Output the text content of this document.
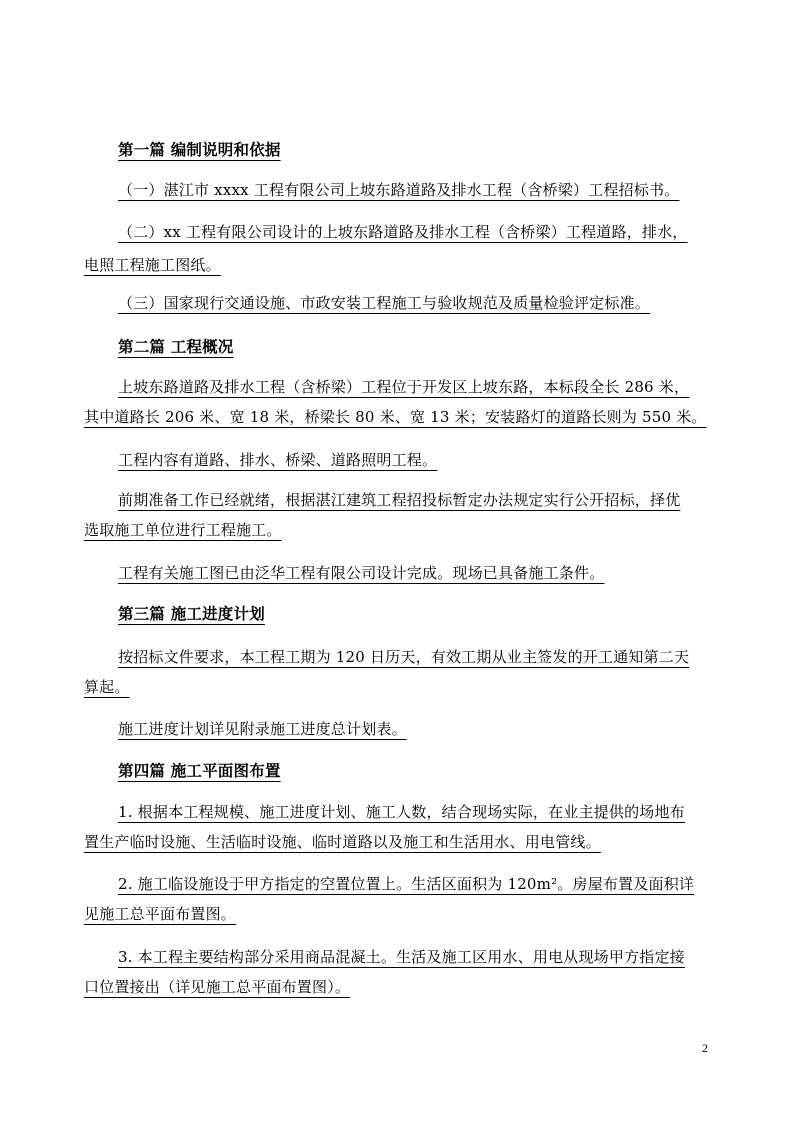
第一篇 编制说明和依据
（一）湛江市 xxxx 工程有限公司上坡东路道路及排水工程（含桥梁）工程招标书。
（二）xx 工程有限公司设计的上坡东路道路及排水工程（含桥梁）工程道路，排水，
电照工程施工图纸。
（三）国家现行交通设施、市政安装工程施工与验收规范及质量检验评定标准。
第二篇 工程概况
上坡东路道路及排水工程（含桥梁）工程位于开发区上坡东路，本标段全长 286 米，
其中道路长 206 米、宽 18 米，桥梁长 80 米、宽 13 米；安装路灯的道路长则为 550 米。
工程内容有道路、排水、桥梁、道路照明工程。
前期准备工作已经就绪，根据湛江建筑工程招投标暂定办法规定实行公开招标，择优
选取施工单位进行工程施工。
工程有关施工图已由泛华工程有限公司设计完成。现场已具备施工条件。
第三篇 施工进度计划
按招标文件要求，本工程工期为 120 日历天，有效工期从业主签发的开工通知第二天
算起。
施工进度计划详见附录施工进度总计划表。
第四篇 施工平面图布置
1. 根据本工程规模、施工进度计划、施工人数，结合现场实际，在业主提供的场地布
置生产临时设施、生活临时设施、临时道路以及施工和生活用水、用电管线。
2. 施工临设施设于甲方指定的空置位置上。生活区面积为 120m²。房屋布置及面积详
见施工总平面布置图。
3. 本工程主要结构部分采用商品混凝土。生活及施工区用水、用电从现场甲方指定接
口位置接出（详见施工总平面布置图）。
2
